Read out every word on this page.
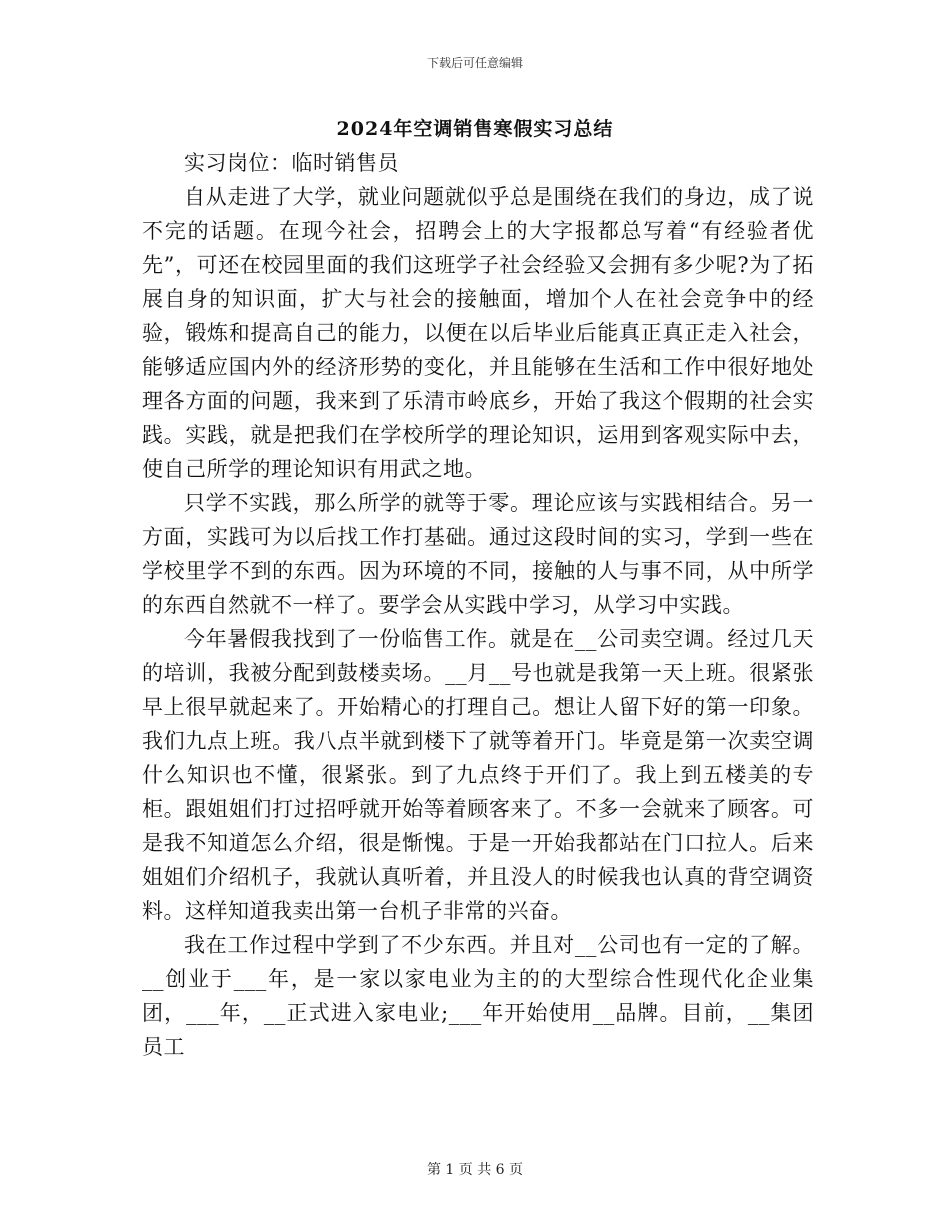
下载后可任意编辑
2024年空调销售寒假实习总结

实习岗位：临时销售员

自从走进了大学，就业问题就似乎总是围绕在我们的身边，成了说不完的话题。在现今社会，招聘会上的大字报都总写着“有经验者优先”，可还在校园里面的我们这班学子社会经验又会拥有多少呢?为了拓展自身的知识面，扩大与社会的接触面，增加个人在社会竞争中的经验，锻炼和提高自己的能力，以便在以后毕业后能真正真正走入社会，能够适应国内外的经济形势的变化，并且能够在生活和工作中很好地处理各方面的问题，我来到了乐清市岭底乡，开始了我这个假期的社会实践。实践，就是把我们在学校所学的理论知识，运用到客观实际中去，使自己所学的理论知识有用武之地。

只学不实践，那么所学的就等于零。理论应该与实践相结合。另一方面，实践可为以后找工作打基础。通过这段时间的实习，学到一些在学校里学不到的东西。因为环境的不同，接触的人与事不同，从中所学的东西自然就不一样了。要学会从实践中学习，从学习中实践。

今年暑假我找到了一份临售工作。就是在__公司卖空调。经过几天的培训，我被分配到鼓楼卖场。__月__号也就是我第一天上班。很紧张早上很早就起来了。开始精心的打理自己。想让人留下好的第一印象。我们九点上班。我八点半就到楼下了就等着开门。毕竟是第一次卖空调什么知识也不懂，很紧张。到了九点终于开们了。我上到五楼美的专柜。跟姐姐们打过招呼就开始等着顾客来了。不多一会就来了顾客。可是我不知道怎么介绍，很是惭愧。于是一开始我都站在门口拉人。后来姐姐们介绍机子，我就认真听着，并且没人的时候我也认真的背空调资料。这样知道我卖出第一台机子非常的兴奋。

我在工作过程中学到了不少东西。并且对__公司也有一定的了解。__创业于___年，是一家以家电业为主的的大型综合性现代化企业集团，___年，__正式进入家电业;___年开始使用__品牌。目前，__集团员工

第 1 页 共 6 页
